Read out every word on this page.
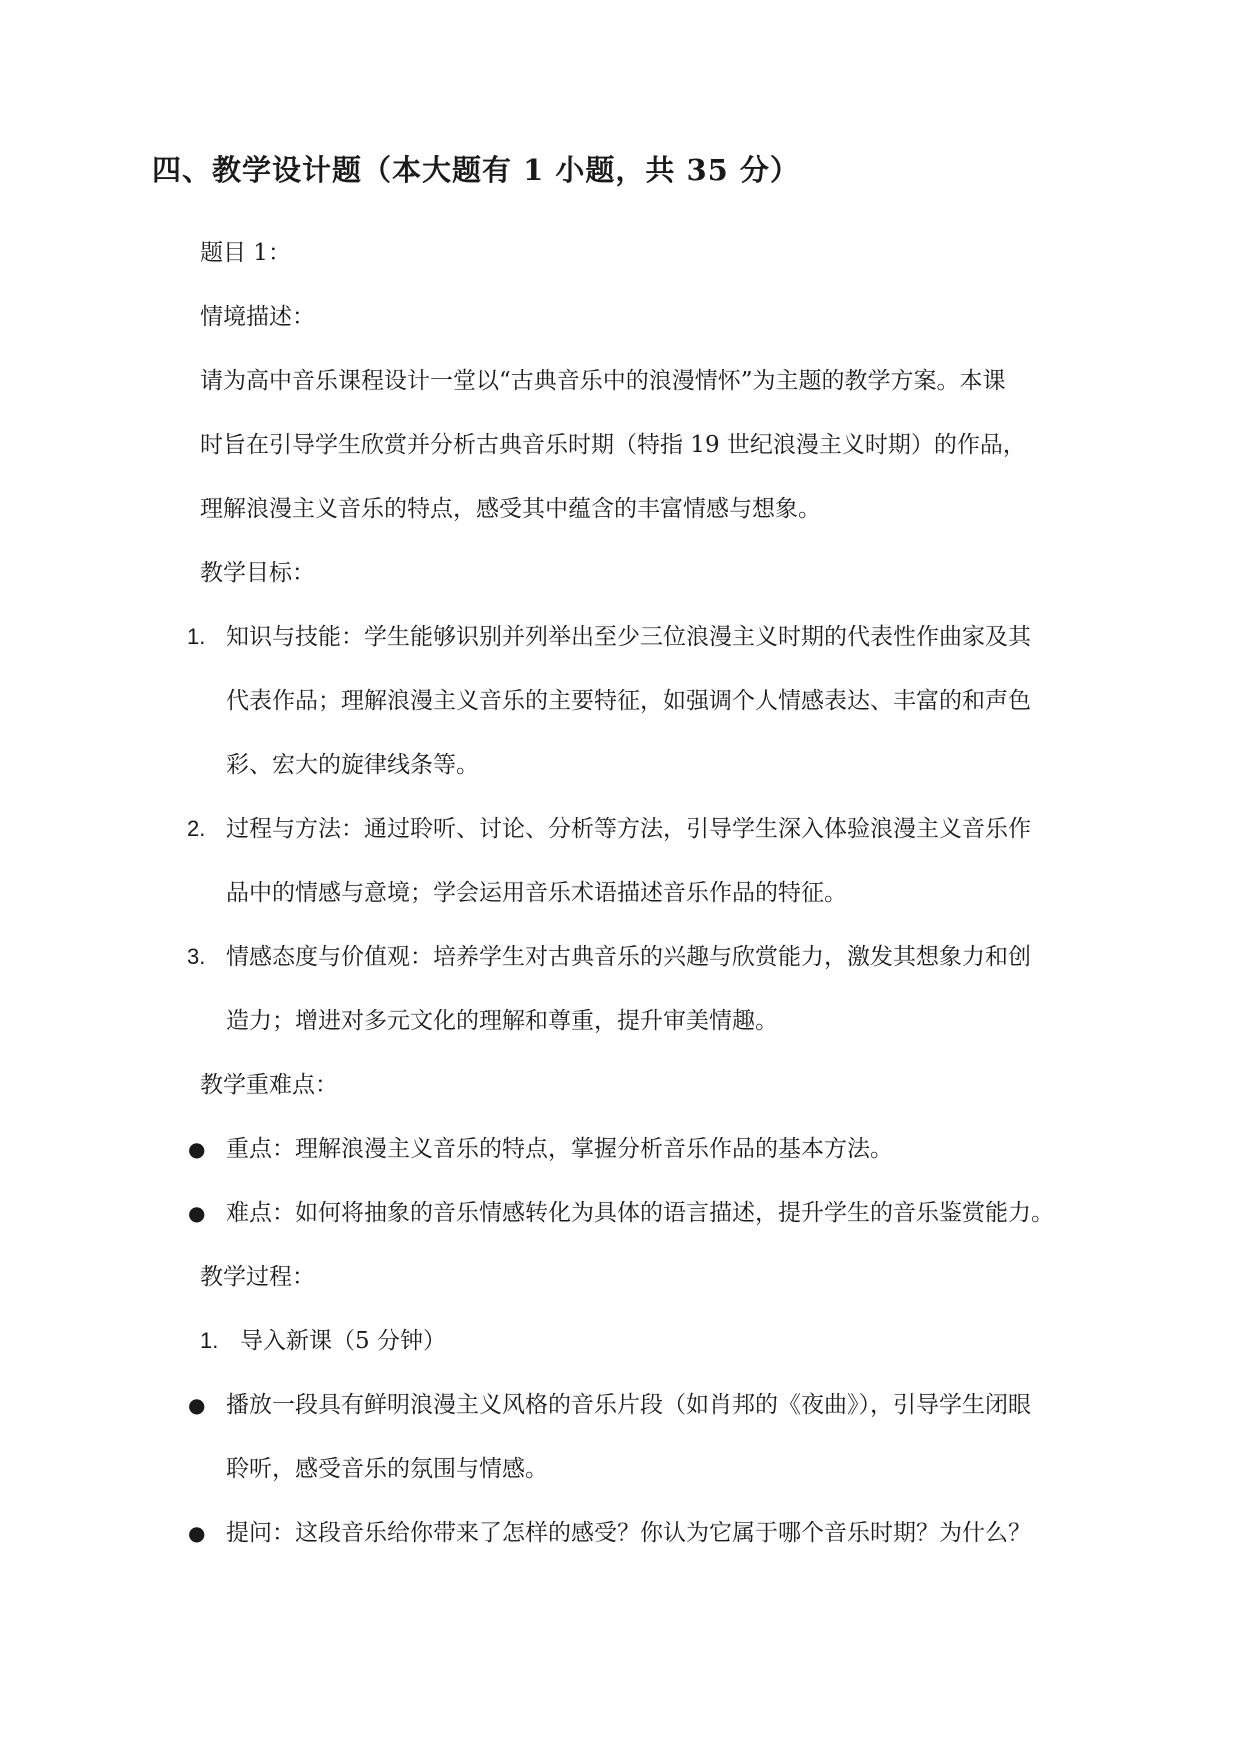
四、教学设计题（本大题有 1 小题，共 35 分）
题目 1：
情境描述：
请为高中音乐课程设计一堂以“古典音乐中的浪漫情怀”为主题的教学方案。本课
时旨在引导学生欣赏并分析古典音乐时期（特指 19 世纪浪漫主义时期）的作品，
理解浪漫主义音乐的特点，感受其中蕴含的丰富情感与想象。
教学目标：
1. 知识与技能：学生能够识别并列举出至少三位浪漫主义时期的代表性作曲家及其
代表作品；理解浪漫主义音乐的主要特征，如强调个人情感表达、丰富的和声色
彩、宏大的旋律线条等。
2. 过程与方法：通过聆听、讨论、分析等方法，引导学生深入体验浪漫主义音乐作
品中的情感与意境；学会运用音乐术语描述音乐作品的特征。
3. 情感态度与价值观：培养学生对古典音乐的兴趣与欣赏能力，激发其想象力和创
造力；增进对多元文化的理解和尊重，提升审美情趣。
教学重难点：
● 重点：理解浪漫主义音乐的特点，掌握分析音乐作品的基本方法。
● 难点：如何将抽象的音乐情感转化为具体的语言描述，提升学生的音乐鉴赏能力。
教学过程：
1. 导入新课（5 分钟）
● 播放一段具有鲜明浪漫主义风格的音乐片段（如肖邦的《夜曲》），引导学生闭眼
聆听，感受音乐的氛围与情感。
● 提问：这段音乐给你带来了怎样的感受？你认为它属于哪个音乐时期？为什么？
